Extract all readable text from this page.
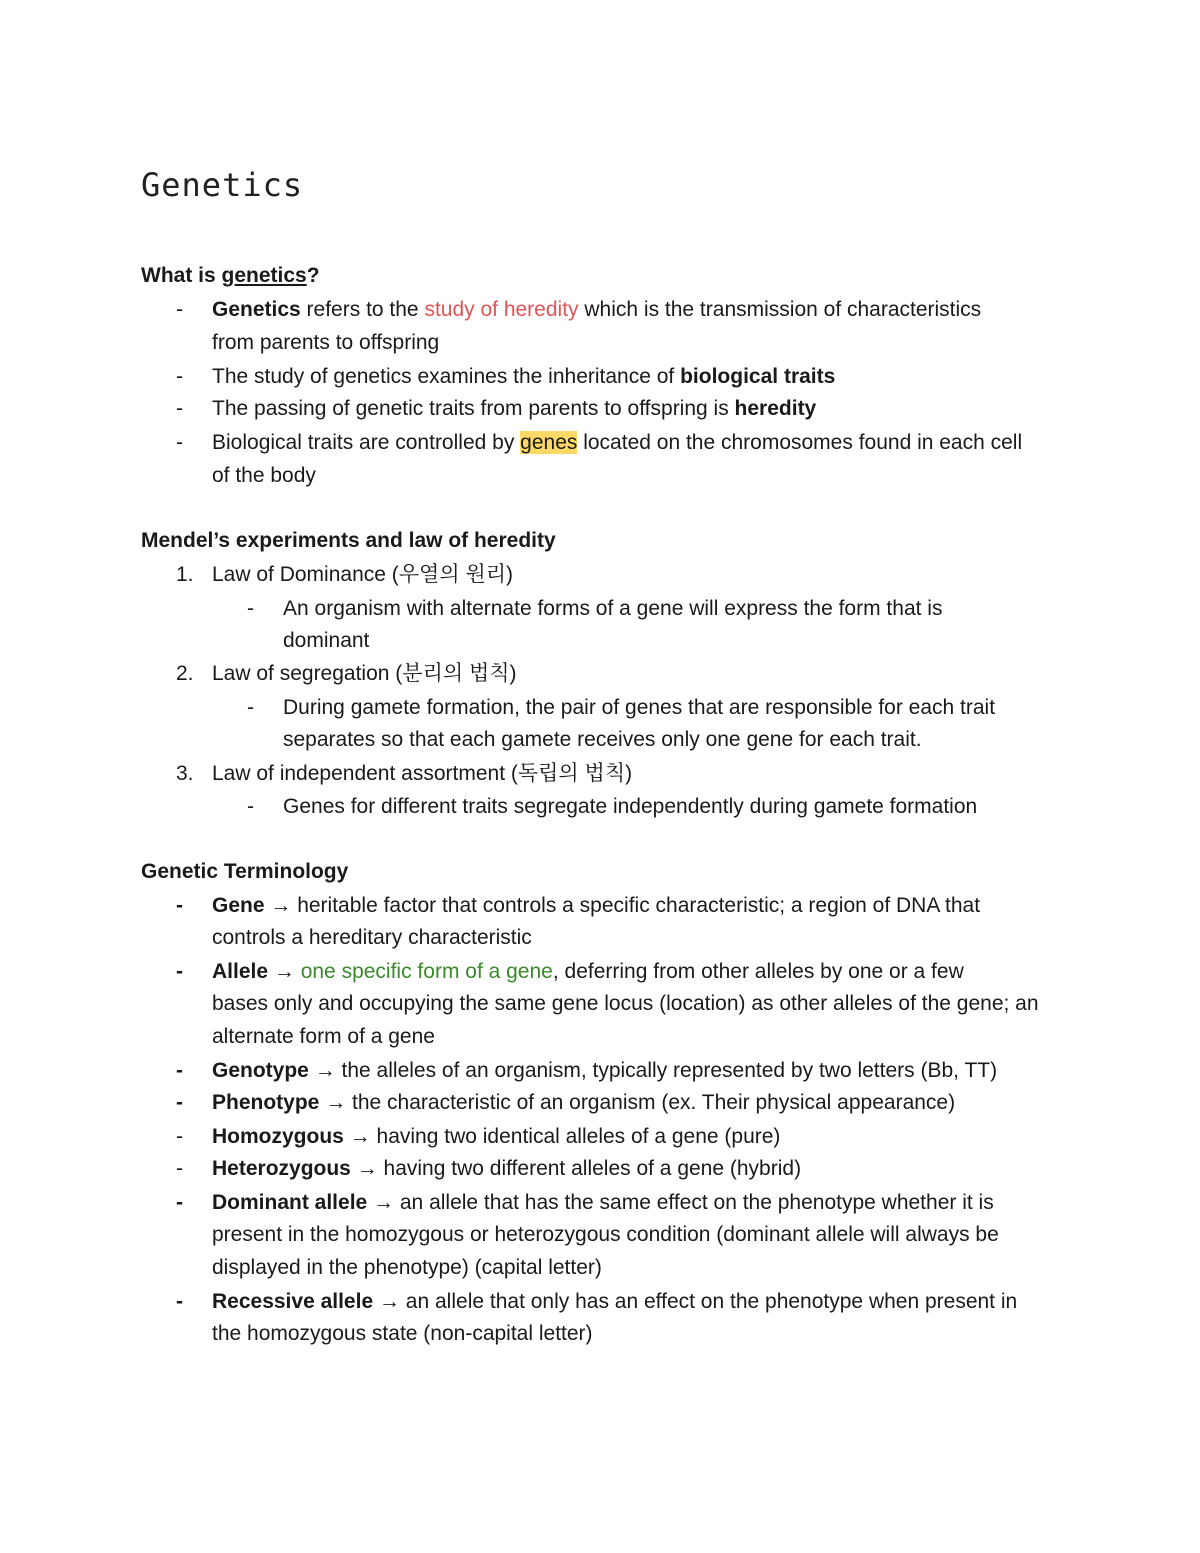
Genetics
What is genetics?
- Genetics refers to the study of heredity which is the transmission of characteristics
from parents to offspring
- The study of genetics examines the inheritance of biological traits
- The passing of genetic traits from parents to offspring is heredity
- Biological traits are controlled by genes located on the chromosomes found in each cell
of the body
Mendel’s experiments and law of heredity
1. Law of Dominance (우열의 원리)
- An organism with alternate forms of a gene will express the form that is
dominant
2. Law of segregation (분리의 법칙)
- During gamete formation, the pair of genes that are responsible for each trait
separates so that each gamete receives only one gene for each trait.
3. Law of independent assortment (독립의 법칙)
- Genes for different traits segregate independently during gamete formation
Genetic Terminology
- Gene → heritable factor that controls a specific characteristic; a region of DNA that
controls a hereditary characteristic
- Allele → one specific form of a gene, deferring from other alleles by one or a few
bases only and occupying the same gene locus (location) as other alleles of the gene; an
alternate form of a gene
- Genotype → the alleles of an organism, typically represented by two letters (Bb, TT)
- Phenotype → the characteristic of an organism (ex. Their physical appearance)
- Homozygous → having two identical alleles of a gene (pure)
- Heterozygous → having two different alleles of a gene (hybrid)
- Dominant allele → an allele that has the same effect on the phenotype whether it is
present in the homozygous or heterozygous condition (dominant allele will always be
displayed in the phenotype) (capital letter)
- Recessive allele → an allele that only has an effect on the phenotype when present in
the homozygous state (non-capital letter)
